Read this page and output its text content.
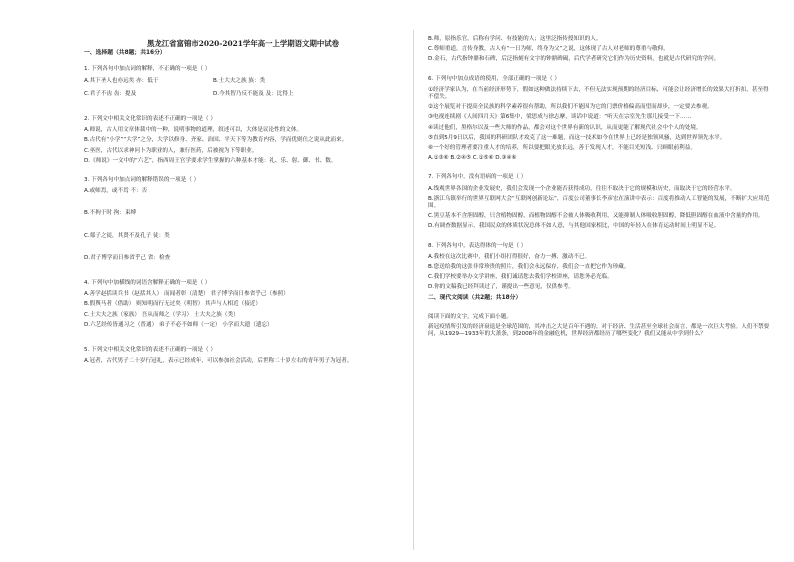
黑龙江省富锦市2020-2021学年高一上学期语文期中试卷
一、选择题（共8题；共16分）
1. 下列各句中加点词的解释，不正确的一项是（ ）
A.其下圣人也亦远矣 亦：低于	B.士大夫之族 族：类
C.君子不齿 齿：提及	D.今其智乃反不能及 及：比得上
2. 下列文中相关文化常识的表述不正确的一项是（ ）
A.师说，古人用文章体裁中的一种，说明事物的道理，叙述可以，大体是议论性的文体。
B.古代有“小学”“大学”之分，大学以修身、齐家、治国、平天下等为教育内容，学而优则仕之说从此而来。
C.巫医，古代以求神问卜为职业的人，兼行医药，后被视为下等职业。
D.《师说》一文中的“六艺”，指西周王官学要求学生掌握的六种基本才能：礼、乐、射、御、书、数。
3. 下列各句中加点词的解释错误的一项是（ ）
A.或师焉，或不焉 不：否
B.不拘于时 拘：束缚
C.郯子之徒，其贤不及孔子 徒：类
D.君子博学而日参省乎己 省：检查
4. 下列句中加横线的词语含解释正确的一项是（ ）
A.善学赵括读兵书（赵括其人） 而闻者彰（清楚） 君子博学而日参省乎己（参照）
B.假舆马者（借助） 则知明而行无过矣（明智） 其声与人相近（接近）
C.士大夫之族（家族） 吾从而师之（学习） 士大夫之族（类）
D.六艺经传皆通习之（普通） 弟子不必不如师（一定） 小学而大遗（遗忘）
5. 下列文中相关文化常识的表述不正确的一项是（ ）
A.冠者，古代男子二十岁行冠礼，表示已经成年，可以参加社会活动，后世称二十岁左右的青年男子为冠者。
B.师，原指乐官，后称有学问、有技能的人；这里泛指传授知识的人。
C.尊师重道，言传身教，古人有“一日为师，终身为父”之说，这体现了古人对老师的尊重与敬仰。
D.金石，古代指钟鼎和石碑，后泛指刻有文字的钟鼎碑碣，后代学者研究它们作为历史资料，也就是古代研究的学问。
6. 下列句中加点成语的使用，全部正确的一项是（ ）
①经济学家认为，在当前经济形势下，假如这种做法持续下去，不但无法实现预期的经济目标，可能会让经济增长的效果大打折扣，甚至得不偿失。
②这个展览对于提高全民族的科学素养很有帮助，所以我们不能因为它的门票价格偏高而望而却步，一定要去参观。
③电视连续剧《人间四月天》第6集中，梁思成与徐志摩，谈话中说道：“听天在宗室先生那儿接受一下……
④读过他们，黑格尔以及一些大师的作品，都会对这个世界有新的认识，从而更能了解现代社会中个人的处境。
⑤直到5月9日以后，我国的科研团队才攻克了这一难题，而这一技术如今在世界上已经是独领风骚，达到世界领先水平。
⑥一个好的管理者要注重人才的培养，所以要把眼光放长远，善于发现人才，不能目光短浅、只顾眼前利益。
A.①③⑥ B.②④⑤ C.①⑤⑥ D.③④⑥
7. 下列各句中，没有语病的一项是（ ）
A.线观世界各国的企业发展史，我们会发现一个企业能否获得成功，往往不取决于它的规模和历史，而取决于它的经营水平。
B.浙江乌镇举行的世界互联网大会“互联网创新论坛”，百度公司董事长李彦宏在演讲中表示：百度将推动人工智能的发展，不断扩大应用范围。
C.黑豆基本不含胆固醇，只含植物固醇，而植物固醇不会被人体吸收利用，又能抑制人体吸收胆固醇，降低胆固醇在血液中含量的作用。
D.有调查数据显示，我国民众的体质状况总体不如人意，与其他国家相比，中国的年轻人在体育运动时间上明显不足。
8. 下列各句中，表达得体的一句是（ ）
A.我校在这次比赛中，我们小组打得很好，奋力一搏，激动不已。
B.您送给我的这张非常珍贵的照片，我们会永远保存，我们会一直把它作为珍藏。
C.我们学校要举办文学讲座，我们诚请您去我们学校讲座，请您务必光临。
D.你的文稿我已经拜读过了，谨提出一些意见，仅供参考。
二、现代文阅读（共2题；共18分）
阅读下面的文字，完成下面小题。
新冠疫情所引发的经济衰退是全球范围的，其冲击之大是百年不遇的。对于经济、生活甚至全球社会而言，都是一次巨大考验。人们不禁要问，从1929—1933年的大萧条，到2008年的金融危机，世界经济都经历了哪些变化？我们又能从中学到什么？
